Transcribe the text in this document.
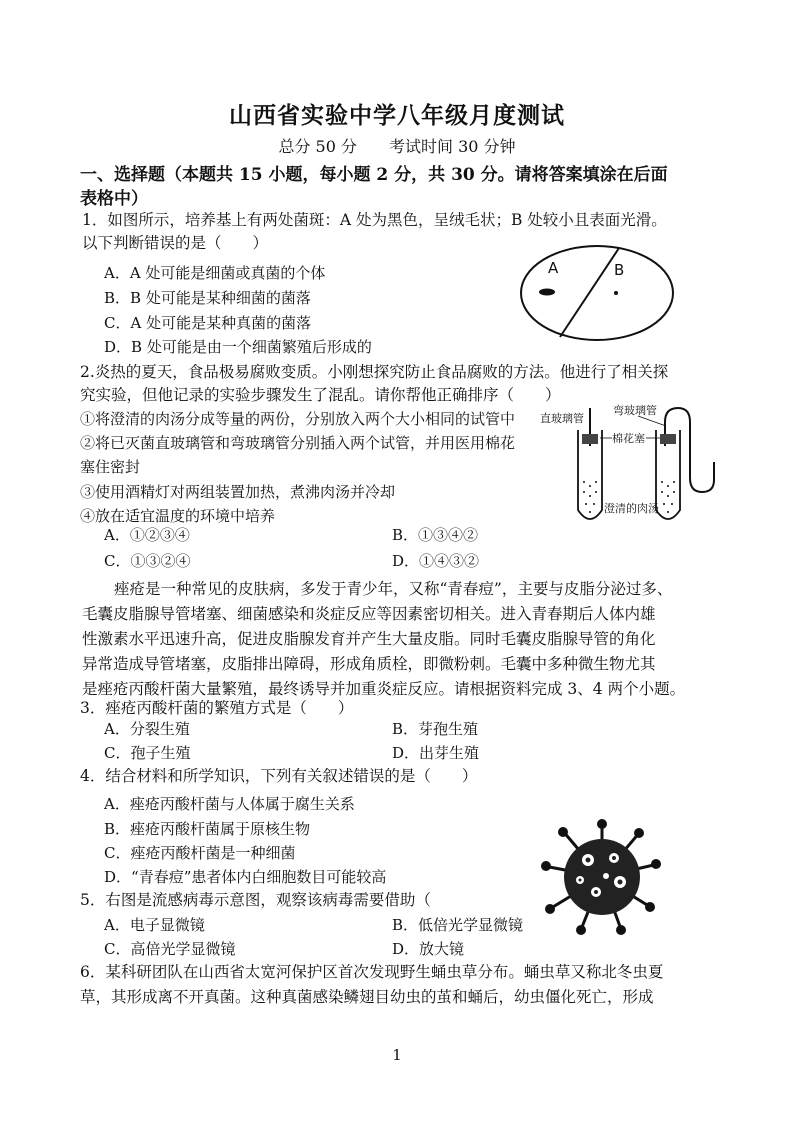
山西省实验中学八年级月度测试
总分 50 分　　考试时间 30 分钟
一、选择题（本题共 15 小题，每小题 2 分，共 30 分。请将答案填涂在后面
表格中）
1．如图所示，培养基上有两处菌斑：A 处为黑色，呈绒毛状；B 处较小且表面光滑。
以下判断错误的是（　　）
A．A 处可能是细菌或真菌的个体
B．B 处可能是某种细菌的菌落
C．A 处可能是某种真菌的菌落
D．B 处可能是由一个细菌繁殖后形成的
A	B
2.炎热的夏天，食品极易腐败变质。小刚想探究防止食品腐败的方法。他进行了相关探
究实验，但他记录的实验步骤发生了混乱。请你帮他正确排序（　　）
①将澄清的肉汤分成等量的两份，分别放入两个大小相同的试管中
②将已灭菌直玻璃管和弯玻璃管分别插入两个试管，并用医用棉花
塞住密封
③使用酒精灯对两组装置加热，煮沸肉汤并冷却
④放在适宜温度的环境中培养
A．①②③④	B．①③④②
C．①③②④	D．①④③②
直玻璃管
弯玻璃管
棉花塞
澄清的肉汤
痤疮是一种常见的皮肤病，多发于青少年，又称“青春痘”，主要与皮脂分泌过多、
毛囊皮脂腺导管堵塞、细菌感染和炎症反应等因素密切相关。进入青春期后人体内雄
性激素水平迅速升高，促进皮脂腺发育并产生大量皮脂。同时毛囊皮脂腺导管的角化
异常造成导管堵塞，皮脂排出障碍，形成角质栓，即微粉刺。毛囊中多种微生物尤其
是痤疮丙酸杆菌大量繁殖，最终诱导并加重炎症反应。请根据资料完成 3、4 两个小题。
3．痤疮丙酸杆菌的繁殖方式是（　　）
A．分裂生殖	B．芽孢生殖
C．孢子生殖	D．出芽生殖
4．结合材料和所学知识，下列有关叙述错误的是（　　）
A．痤疮丙酸杆菌与人体属于腐生关系
B．痤疮丙酸杆菌属于原核生物
C．痤疮丙酸杆菌是一种细菌
D．“青春痘”患者体内白细胞数目可能较高
5．右图是流感病毒示意图，观察该病毒需要借助（
A．电子显微镜	B．低倍光学显微镜
C．高倍光学显微镜	D．放大镜
6．某科研团队在山西省太宽河保护区首次发现野生蛹虫草分布。蛹虫草又称北冬虫夏
草，其形成离不开真菌。这种真菌感染鳞翅目幼虫的茧和蛹后，幼虫僵化死亡，形成
1
